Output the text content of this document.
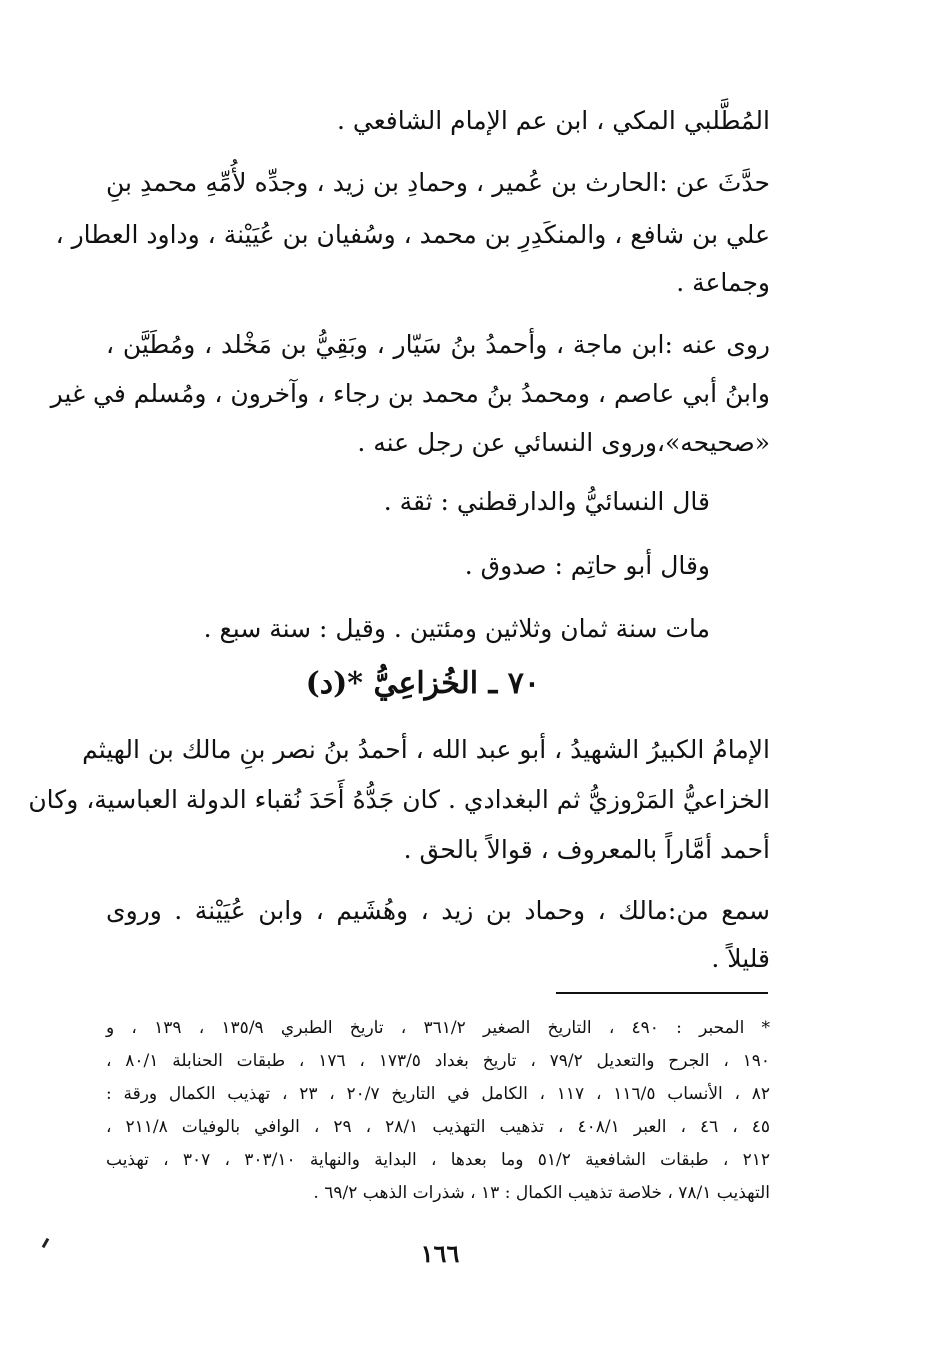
المُطَّلبي المكي ، ابن عم الإمام الشافعي .
حدَّثَ عن :الحارث بن عُمير ، وحمادِ بن زيد ، وجدِّه لأُمِّهِ محمدِ بنِ
علي بن شافع ، والمنكَدِرِ بن محمد ، وسُفيان بن عُيَيْنة ، وداود العطار ،
وجماعة .
روى عنه :ابن ماجة ، وأحمدُ بنُ سَيّار ، وبَقِيُّ بن مَخْلد ، ومُطَيَّن ،
وابنُ أبي عاصم ، ومحمدُ بنُ محمد بن رجاء ، وآخرون ، ومُسلم في غير
«صحيحه»،وروى النسائي عن رجل عنه .
قال النسائيُّ والدارقطني : ثقة .
وقال أبو حاتِم : صدوق .
مات سنة ثمان وثلاثين ومئتين . وقيل : سنة سبع .
٧٠ ـ الخُزاعِيُّ *(د)
الإمامُ الكبيرُ الشهيدُ ، أبو عبد الله ، أحمدُ بنُ نصر بنِ مالك بن الهيثم
الخزاعيُّ المَرْوزيُّ ثم البغدادي . كان جَدُّهُ أَحَدَ نُقباء الدولة العباسية، وكان
أحمد أمَّاراً بالمعروف ، قوالاً بالحق .
سمع من:مالك ، وحماد بن زيد ، وهُشَيم ، وابن عُيَيْنة . وروى
قليلاً .
* المحبر : ٤٩٠ ، التاريخ الصغير ٣٦١/٢ ، تاريخ الطبري ١٣٥/٩ ، ١٣٩ ، و
١٩٠ ، الجرح والتعديل ٧٩/٢ ، تاريخ بغداد ١٧٣/٥ ، ١٧٦ ، طبقات الحنابلة ٨٠/١ ،
٨٢ ، الأنساب ١١٦/٥ ، ١١٧ ، الكامل في التاريخ ٢٠/٧ ، ٢٣ ، تهذيب الكمال ورقة :
٤٥ ، ٤٦ ، العبر ٤٠٨/١ ، تذهيب التهذيب ٢٨/١ ، ٢٩ ، الوافي بالوفيات ٢١١/٨ ،
٢١٢ ، طبقات الشافعية ٥١/٢ وما بعدها ، البداية والنهاية ٣٠٣/١٠ ، ٣٠٧ ، تهذيب
التهذيب ٧٨/١ ، خلاصة تذهيب الكمال : ١٣ ، شذرات الذهب ٦٩/٢ .
١٦٦
